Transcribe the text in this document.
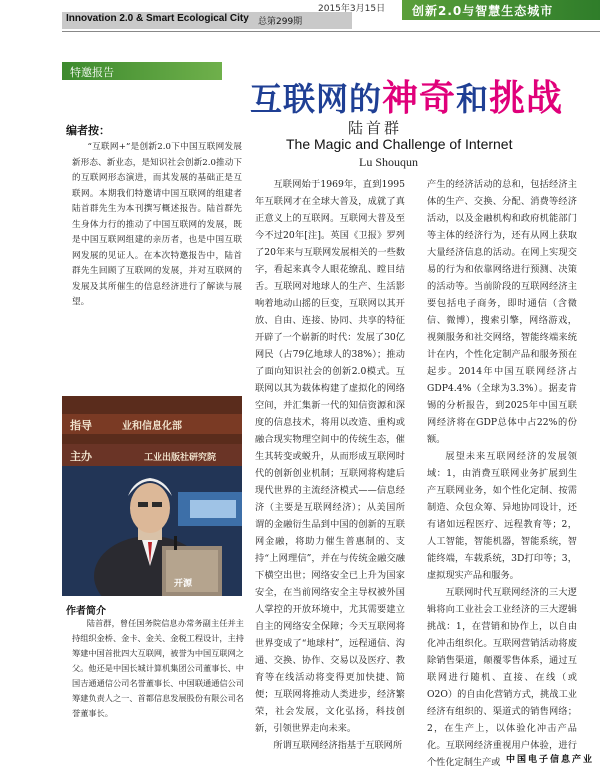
Innovation 2.0 & Smart Ecological City 总第299期
2015年3月15日 创新2.0与智慧生态城市
特邀报告
互联网的神奇和挑战
陆首群
The Magic and Challenge of Internet
Lu Shouqun
编者按：
“互联网+”是创新2.0下中国互联网发展新形态、新业态，是知识社会创新2.0推动下的互联网形态演进，而其发展的基础正是互联网。本期我们特邀请中国互联网的组建者陆首群先生为本刊撰写概述报告。陆首群先生身体力行的推动了中国互联网的发展，既是中国互联网组建的亲历者，也是中国互联网发展的见证人。在本次特邀报告中，陆首群先生回顾了互联网的发展，并对互联网的发展及其所催生的信息经济进行了解读与展望。
指导	业和信息化部
主办	工业出版社研究院
开源
作者简介
陆首群，曾任国务院信息办常务副主任并主持组织金桥、金卡、金关、金税工程设计，主持筹建中国首批四大互联网，被誉为中国互联网之父。他还是中国长城计算机集团公司董事长、中国吉通通信公司名誉董事长、中国联通通信公司筹建负责人之一、首都信息发展股份有限公司名誉董事长。

互联网始于1969年，直到1995年互联网才在全球大普及，成就了真正意义上的互联网。互联网大普及至今不过20年[注]。英国《卫报》罗列了20年来与互联网发展相关的一些数字，看起来真令人眼花缭乱、瞠目结舌。互联网对地球人的生产、生活影响着地动山摇的巨变，互联网以其开放、自由、连接、协同、共享的特征开辟了一个崭新的时代：发展了30亿网民（占79亿地球人的38%）；推动了面向知识社会的创新2.0模式。互联网以其为载体构建了虚拟化的网络空间，并汇集新一代的知信资源和深度的信息技术，将用以改造、重构或融合现实物理空间中的传统生态，催生其转变或蜕升，从而形成互联网时代的创新创业机制；互联网将构建后现代世界的主流经济模式——信息经济（主要是互联网经济）；从美国所谓的金融衍生品到中国的创新的互联网金融，将助力催生普惠制的、支持“上网理信”，并在与传统金融交融下横空出世；网络安全已上升为国家安全，在当前网络安全主导权被外国人掌控的开放环境中，尤其需要建立自主的网络安全保障；今天互联网将世界变成了“地球村”，远程通信、沟通、交换、协作、交易以及医疗、教育等在线活动将变得更加快捷、简便；互联网将推动人类进步，经济繁荣，社会发展，文化弘扬，科技创新，引领世界走向未来。

所谓互联网经济指基于互联网所

产生的经济活动的总和，包括经济主体的生产、交换、分配、消费等经济活动，以及金融机构和政府机能部门等主体的经济行为，还有从网上获取大量经济信息的活动。在网上实现交易的行为和依靠网络进行预测、决策的活动等。当前阶段的互联网经济主要包括电子商务，即时通信（含微信、微博），搜索引擎，网络游戏，视频服务和社交网络，智能终端来统计在内，个性化定制产品和服务预在起步。2014年中国互联网经济占GDP4.4%（全球为3.3%）。据麦肯锡的分析报告，到2025年中国互联网经济将在GDP总体中占22%的份额。

展望未来互联网经济的发展领域：1，由消费互联网业务扩展到生产互联网业务，如个性化定制、按需制造、众包众筹、异地协同设计，还有诸如远程医疗、远程教育等；2，人工智能，智能机器，智能系统，智能终端，车载系统，3D打印等；3，虚拟现实产品和服务。

互联网时代互联网经济的三大逻辑将向工业社会工业经济的三大逻辑挑战：1，在营销和协作上，以自由化冲击组织化。互联网营销活动将废除销售渠道，颠覆零售体系，通过互联网进行随机、直接、在线（或O2O）的自由化营销方式，挑战工业经济有组织的、渠道式的销售网络；2，在生产上，以体验化冲击产品化。互联网经济重视用户体验，进行个性化定制生产或 中国电子信息产业
